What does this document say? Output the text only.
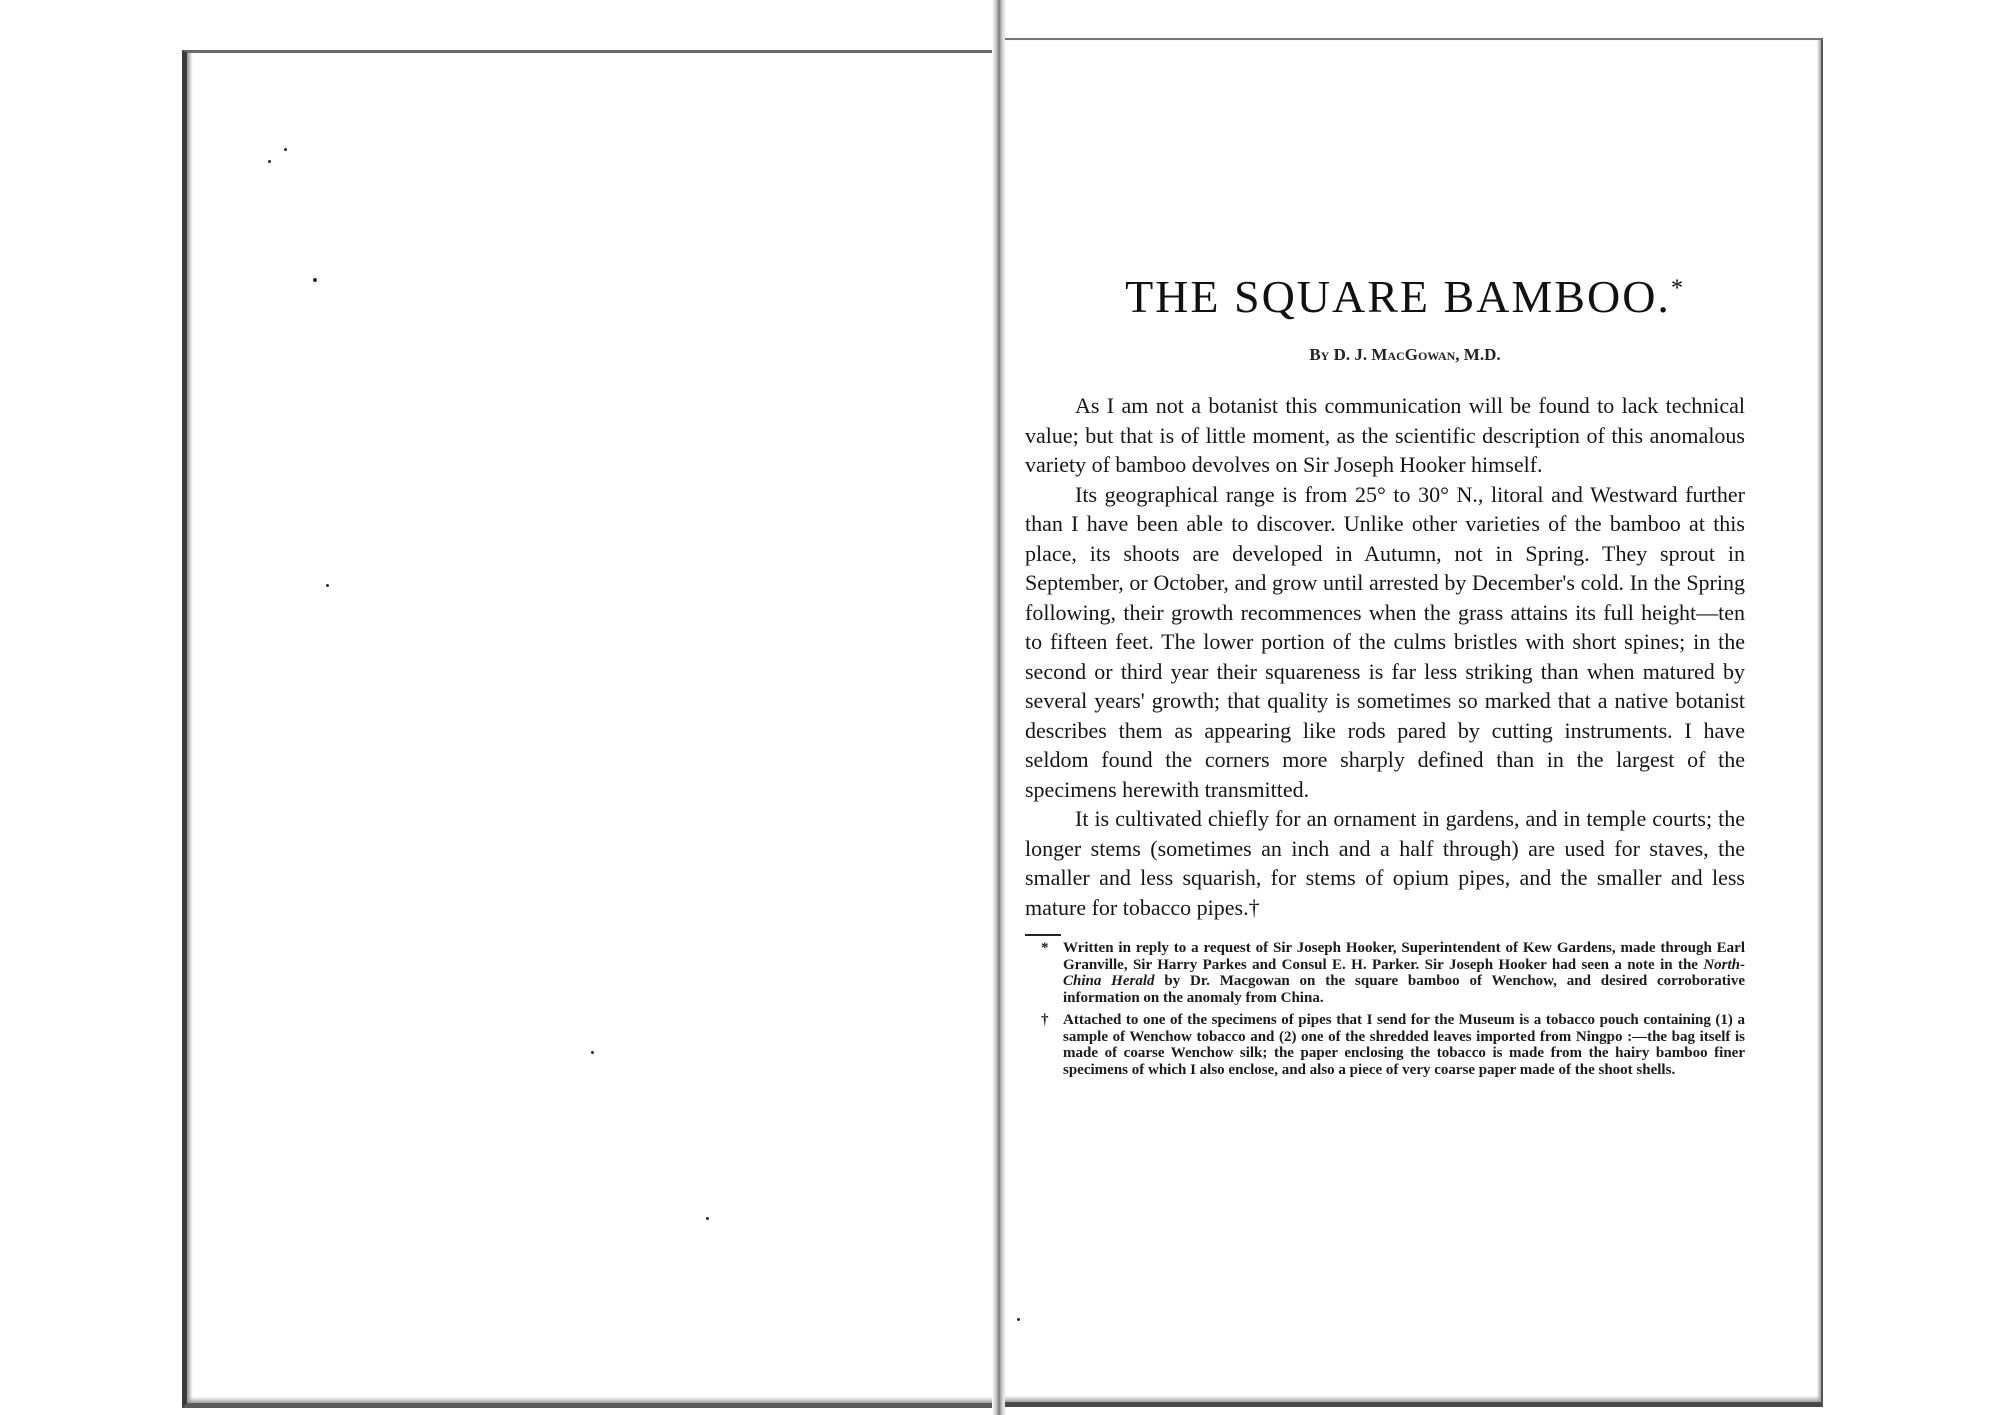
THE SQUARE BAMBOO.*
By D. J. MacGowan, M.D.

As I am not a botanist this communication will be found to lack technical value; but that is of little moment, as the scientific description of this anomalous variety of bamboo devolves on Sir Joseph Hooker himself.

Its geographical range is from 25° to 30° N., litoral and Westward further than I have been able to discover. Unlike other varieties of the bamboo at this place, its shoots are developed in Autumn, not in Spring. They sprout in September, or October, and grow until arrested by December's cold. In the Spring following, their growth recommences when the grass attains its full height—ten to fifteen feet. The lower portion of the culms bristles with short spines; in the second or third year their squareness is far less striking than when matured by several years' growth; that quality is sometimes so marked that a native botanist describes them as appearing like rods pared by cutting instruments. I have seldom found the corners more sharply defined than in the largest of the specimens herewith transmitted.

It is cultivated chiefly for an ornament in gardens, and in temple courts; the longer stems (sometimes an inch and a half through) are used for staves, the smaller and less squarish, for stems of opium pipes, and the smaller and less mature for tobacco pipes.†

* Written in reply to a request of Sir Joseph Hooker, Superintendent of Kew Gardens, made through Earl Granville, Sir Harry Parkes and Consul E. H. Parker. Sir Joseph Hooker had seen a note in the North-China Herald by Dr. Macgowan on the square bamboo of Wenchow, and desired corroborative information on the anomaly from China.

† Attached to one of the specimens of pipes that I send for the Museum is a tobacco pouch containing (1) a sample of Wenchow tobacco and (2) one of the shredded leaves imported from Ningpo :—the bag itself is made of coarse Wenchow silk; the paper enclosing the tobacco is made from the hairy bamboo finer specimens of which I also enclose, and also a piece of very coarse paper made of the shoot shells.
